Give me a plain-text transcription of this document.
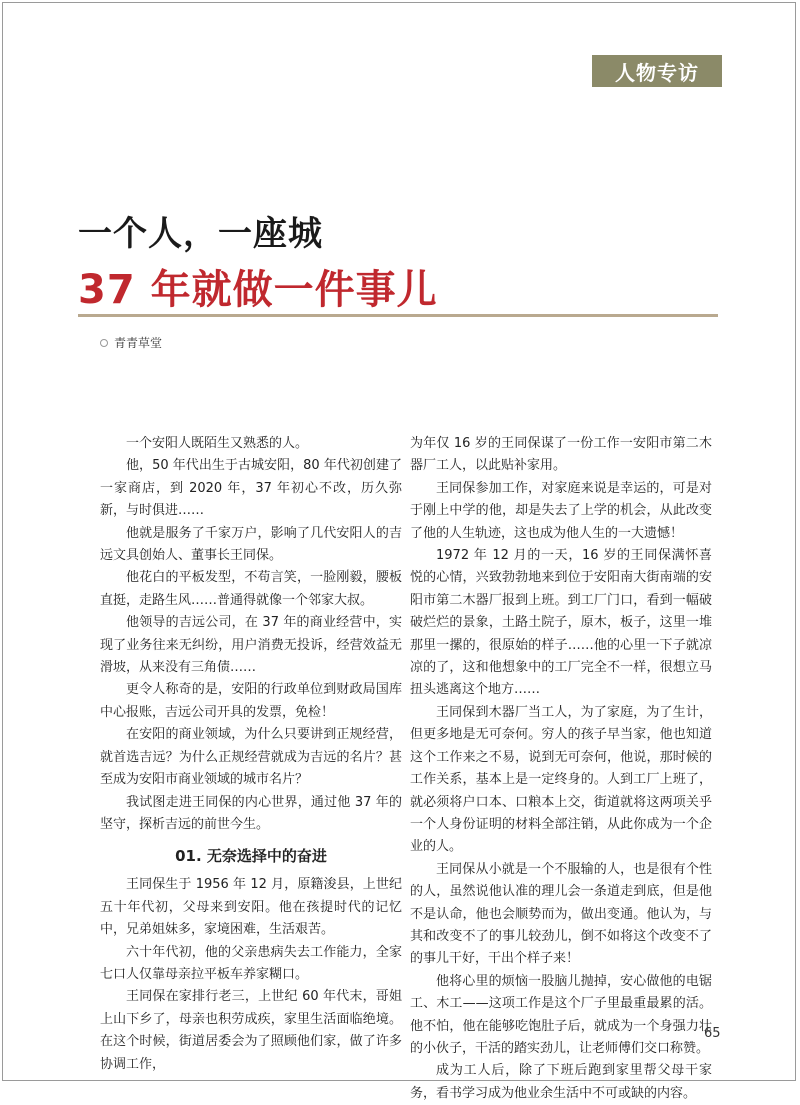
人物专访
一个人，一座城
37 年就做一件事儿
青青草堂

一个安阳人既陌生又熟悉的人。

他，50 年代出生于古城安阳，80 年代初创建了一家商店，到 2020 年，37 年初心不改，历久弥新，与时俱进……

他就是服务了千家万户，影响了几代安阳人的吉远文具创始人、董事长王同保。

他花白的平板发型，不苟言笑，一脸刚毅，腰板直挺，走路生风……普通得就像一个邻家大叔。

他领导的吉远公司，在 37 年的商业经营中，实现了业务往来无纠纷，用户消费无投诉，经营效益无滑坡，从来没有三角债……

更令人称奇的是，安阳的行政单位到财政局国库中心报账，吉远公司开具的发票，免检！

在安阳的商业领域，为什么只要讲到正规经营，就首选吉远？为什么正规经营就成为吉远的名片？甚至成为安阳市商业领域的城市名片？

我试图走进王同保的内心世界，通过他 37 年的坚守，探析吉远的前世今生。

01. 无奈选择中的奋进

王同保生于 1956 年 12 月，原籍浚县，上世纪五十年代初，父母来到安阳。他在孩提时代的记忆中，兄弟姐妹多，家境困难，生活艰苦。

六十年代初，他的父亲患病失去工作能力，全家七口人仅靠母亲拉平板车养家糊口。

王同保在家排行老三，上世纪 60 年代末，哥姐上山下乡了，母亲也积劳成疾，家里生活面临绝境。在这个时候，街道居委会为了照顾他们家，做了许多协调工作，

为年仅 16 岁的王同保谋了一份工作一安阳市第二木器厂工人，以此贴补家用。

王同保参加工作，对家庭来说是幸运的，可是对于刚上中学的他，却是失去了上学的机会，从此改变了他的人生轨迹，这也成为他人生的一大遗憾！

1972 年 12 月的一天，16 岁的王同保满怀喜悦的心情，兴致勃勃地来到位于安阳南大街南端的安阳市第二木器厂报到上班。到工厂门口，看到一幅破破烂烂的景象，土路土院子，原木，板子，这里一堆那里一摞的，很原始的样子……他的心里一下子就凉凉的了，这和他想象中的工厂完全不一样，很想立马扭头逃离这个地方……

王同保到木器厂当工人，为了家庭，为了生计，但更多地是无可奈何。穷人的孩子早当家，他也知道这个工作来之不易，说到无可奈何，他说，那时候的工作关系，基本上是一定终身的。人到工厂上班了，就必须将户口本、口粮本上交，街道就将这两项关乎一个人身份证明的材料全部注销，从此你成为一个企业的人。

王同保从小就是一个不服输的人，也是很有个性的人，虽然说他认准的理儿会一条道走到底，但是他不是认命，他也会顺势而为，做出变通。他认为，与其和改变不了的事儿较劲儿，倒不如将这个改变不了的事儿干好，干出个样子来！

他将心里的烦恼一股脑儿抛掉，安心做他的电锯工、木工——这项工作是这个厂子里最重最累的活。他不怕，他在能够吃饱肚子后，就成为一个身强力壮的小伙子，干活的踏实劲儿，让老师傅们交口称赞。

成为工人后，除了下班后跑到家里帮父母干家务，看书学习成为他业余生活中不可或缺的内容。

65
